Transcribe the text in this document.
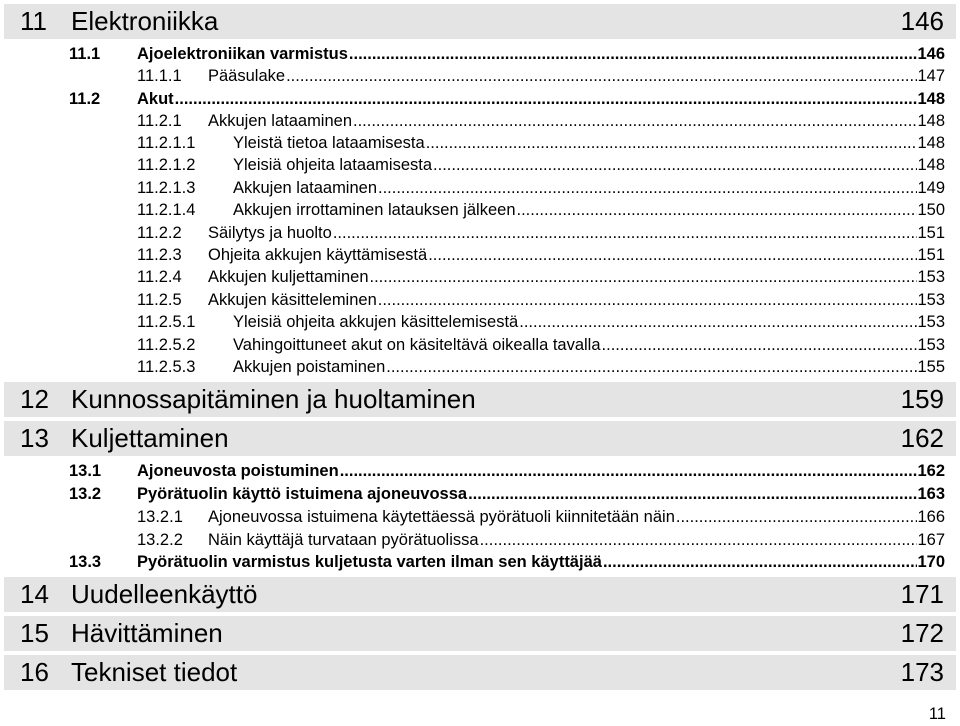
11 Elektroniikka	146
11.1 Ajoelektroniikan varmistus .....	146
11.1.1 Pääsulake .....	147
11.2 Akut .....	148
11.2.1 Akkujen lataaminen .....	148
11.2.1.1 Yleistä tietoa lataamisesta .....	148
11.2.1.2 Yleisiä ohjeita lataamisesta .....	148
11.2.1.3 Akkujen lataaminen .....	149
11.2.1.4 Akkujen irrottaminen latauksen jälkeen .....	150
11.2.2 Säilytys ja huolto .....	151
11.2.3 Ohjeita akkujen käyttämisestä .....	151
11.2.4 Akkujen kuljettaminen .....	153
11.2.5 Akkujen käsitteleminen .....	153
11.2.5.1 Yleisiä ohjeita akkujen käsittelemisestä .....	153
11.2.5.2 Vahingoittuneet akut on käsiteltävä oikealla tavalla .....	153
11.2.5.3 Akkujen poistaminen .....	155
12 Kunnossapitäminen ja huoltaminen	159
13 Kuljettaminen	162
13.1 Ajoneuvosta poistuminen .....	162
13.2 Pyörätuolin käyttö istuimena ajoneuvossa .....	163
13.2.1 Ajoneuvossa istuimena käytettäessä pyörätuoli kiinnitetään näin .....	166
13.2.2 Näin käyttäjä turvataan pyörätuolissa .....	167
13.3 Pyörätuolin varmistus kuljetusta varten ilman sen käyttäjää .....	170
14 Uudelleenkäyttö	171
15 Hävittäminen	172
16 Tekniset tiedot	173
11
